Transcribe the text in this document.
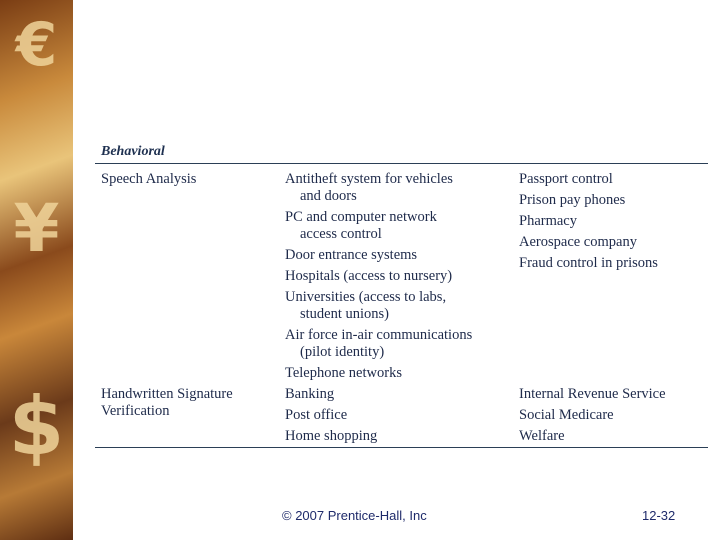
€
¥
$
Behavioral
Speech Analysis	Antitheft system for vehicles
and doors
PC and computer network
access control
Door entrance systems
Hospitals (access to nursery)
Universities (access to labs,
student unions)
Air force in-air communications
(pilot identity)
Telephone networks
Passport control
Prison pay phones
Pharmacy
Aerospace company
Fraud control in prisons
Handwritten Signature
Verification
Banking
Post office
Home shopping
Internal Revenue Service
Social Medicare
Welfare
© 2007 Prentice-Hall, Inc	12-32
